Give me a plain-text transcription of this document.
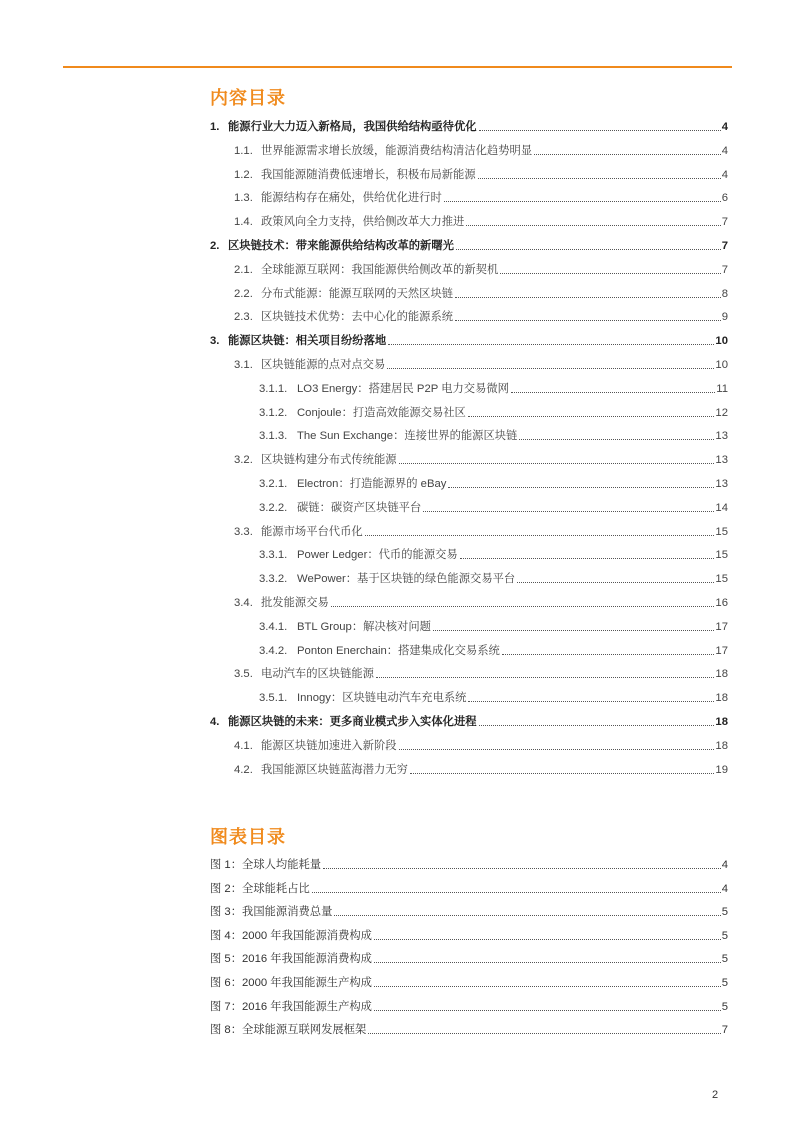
内容目录
1. 能源行业大力迈入新格局，我国供给结构亟待优化	4
1.1. 世界能源需求增长放缓，能源消费结构清洁化趋势明显	4
1.2. 我国能源随消费低速增长，积极布局新能源	4
1.3. 能源结构存在痛处，供给优化进行时	6
1.4. 政策风向全力支持，供给侧改革大力推进	7
2. 区块链技术：带来能源供给结构改革的新曙光	7
2.1. 全球能源互联网：我国能源供给侧改革的新契机	7
2.2. 分布式能源：能源互联网的天然区块链	8
2.3. 区块链技术优势：去中心化的能源系统	9
3. 能源区块链：相关项目纷纷落地	10
3.1. 区块链能源的点对点交易	10
3.1.1. LO3 Energy：搭建居民 P2P 电力交易微网	11
3.1.2. Conjoule：打造高效能源交易社区	12
3.1.3. The Sun Exchange：连接世界的能源区块链	13
3.2. 区块链构建分布式传统能源	13
3.2.1. Electron：打造能源界的 eBay	13
3.2.2. 碳链：碳资产区块链平台	14
3.3. 能源市场平台代币化	15
3.3.1. Power Ledger：代币的能源交易	15
3.3.2. WePower：基于区块链的绿色能源交易平台	15
3.4. 批发能源交易	16
3.4.1. BTL Group：解决核对问题	17
3.4.2. Ponton Enerchain：搭建集成化交易系统	17
3.5. 电动汽车的区块链能源	18
3.5.1. Innogy：区块链电动汽车充电系统	18
4. 能源区块链的未来：更多商业模式步入实体化进程	18
4.1. 能源区块链加速进入新阶段	18
4.2. 我国能源区块链蓝海潜力无穷	19
图表目录
图 1： 全球人均能耗量	4
图 2： 全球能耗占比	4
图 3： 我国能源消费总量	5
图 4： 2000 年我国能源消费构成	5
图 5： 2016 年我国能源消费构成	5
图 6： 2000 年我国能源生产构成	5
图 7： 2016 年我国能源生产构成	5
图 8： 全球能源互联网发展框架	7
2
